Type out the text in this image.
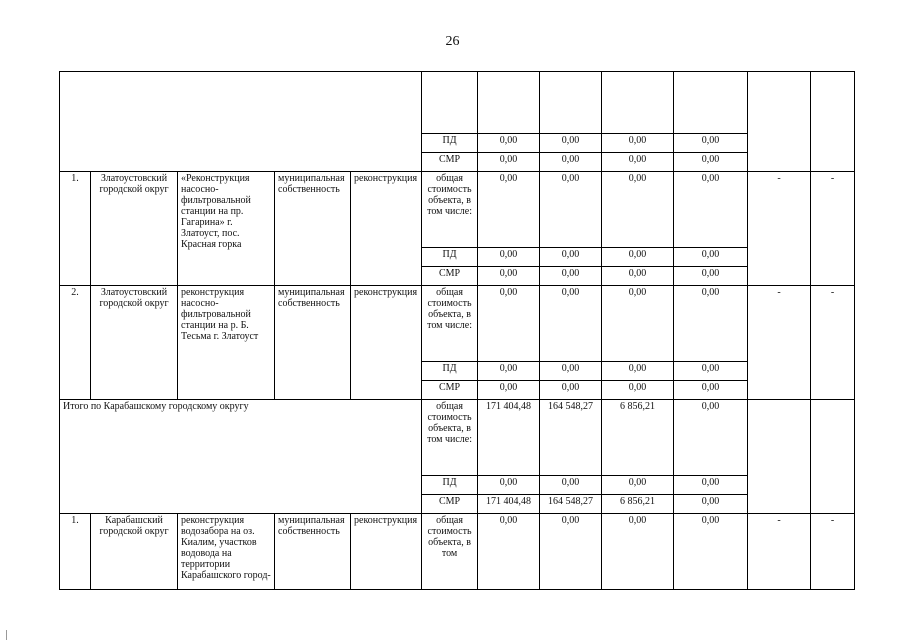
26

					ПД	0,00	0,00	0,00	0,00		
					СМР	0,00	0,00	0,00	0,00		
1.	Златоустовский городской округ	«Реконструкция насосно-фильтровальной станции на пр. Гагарина» г. Златоуст, пос. Красная горка	муниципальная собственность	реконструкция	общая стоимость объекта, в том числе:	0,00	0,00	0,00	0,00	-	-
					ПД	0,00	0,00	0,00	0,00		
					СМР	0,00	0,00	0,00	0,00		
2.	Златоустовский городской округ	реконструкция насосно-фильтровальной станции на р. Б. Тесьма г. Златоуст	муниципальная собственность	реконструкция	общая стоимость объекта, в том числе:	0,00	0,00	0,00	0,00	-	-
					ПД	0,00	0,00	0,00	0,00		
					СМР	0,00	0,00	0,00	0,00		
Итого по Карабашскому городскому округу					общая стоимость объекта, в том числе:	171 404,48	164 548,27	6 856,21	0,00		
					ПД	0,00	0,00	0,00	0,00		
					СМР	171 404,48	164 548,27	6 856,21	0,00		
1.	Карабашский городской округ	реконструкция водозабора на оз. Киалим, участков водовода на территории Карабашского город-	муниципальная собственность	реконструкция	общая стоимость объекта, в том	0,00	0,00	0,00	0,00	-	-
